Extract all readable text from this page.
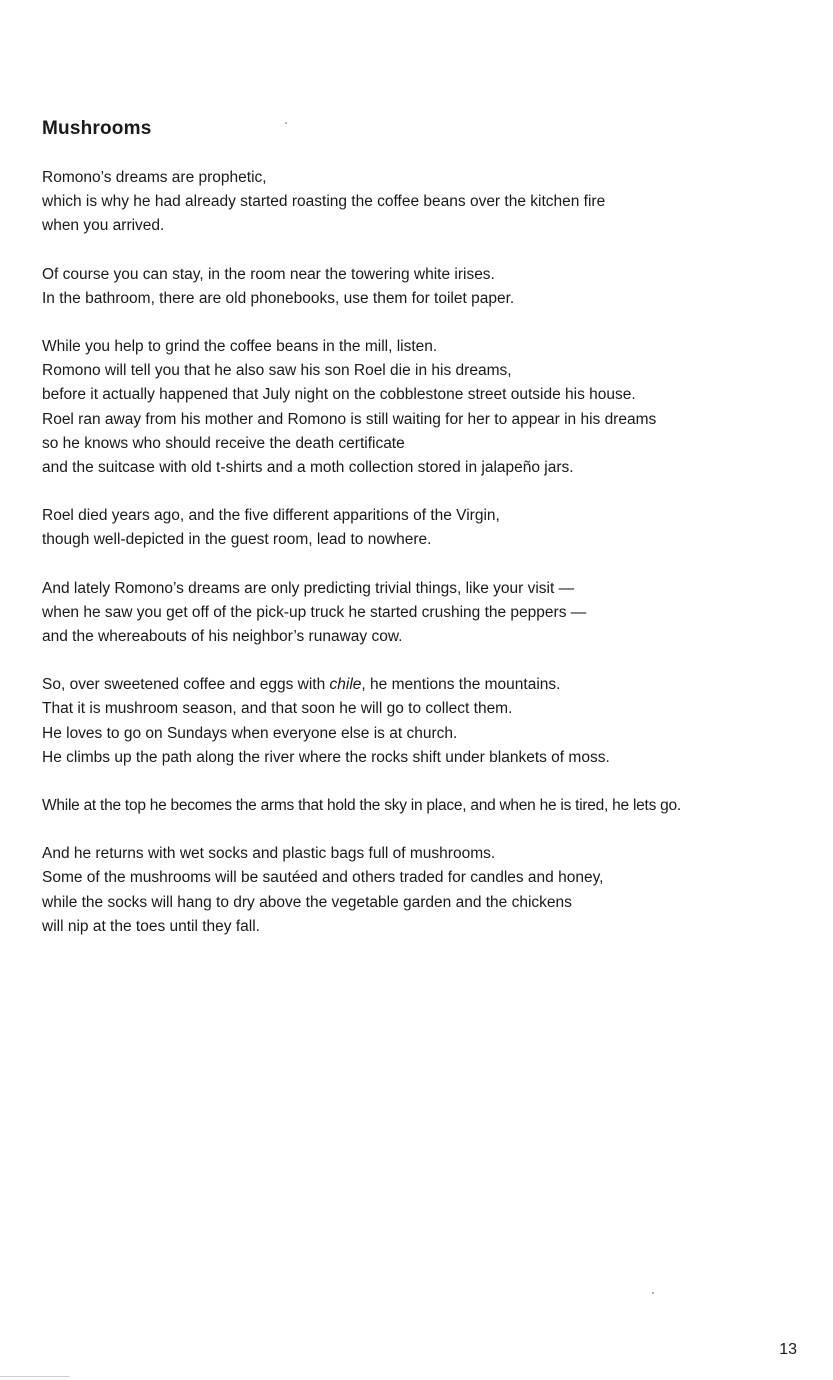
Mushrooms

Romono’s dreams are prophetic,
which is why he had already started roasting the coffee beans over the kitchen fire
when you arrived.

Of course you can stay, in the room near the towering white irises.
In the bathroom, there are old phonebooks, use them for toilet paper.

While you help to grind the coffee beans in the mill, listen.
Romono will tell you that he also saw his son Roel die in his dreams,
before it actually happened that July night on the cobblestone street outside his house.
Roel ran away from his mother and Romono is still waiting for her to appear in his dreams
so he knows who should receive the death certificate
and the suitcase with old t-shirts and a moth collection stored in jalapeño jars.

Roel died years ago, and the five different apparitions of the Virgin,
though well-depicted in the guest room, lead to nowhere.

And lately Romono’s dreams are only predicting trivial things, like your visit —
when he saw you get off of the pick-up truck he started crushing the peppers —
and the whereabouts of his neighbor’s runaway cow.

So, over sweetened coffee and eggs with chile, he mentions the mountains.
That it is mushroom season, and that soon he will go to collect them.
He loves to go on Sundays when everyone else is at church.
He climbs up the path along the river where the rocks shift under blankets of moss.

While at the top he becomes the arms that hold the sky in place, and when he is tired, he lets go.

And he returns with wet socks and plastic bags full of mushrooms.
Some of the mushrooms will be sautéed and others traded for candles and honey,
while the socks will hang to dry above the vegetable garden and the chickens
will nip at the toes until they fall.

13
